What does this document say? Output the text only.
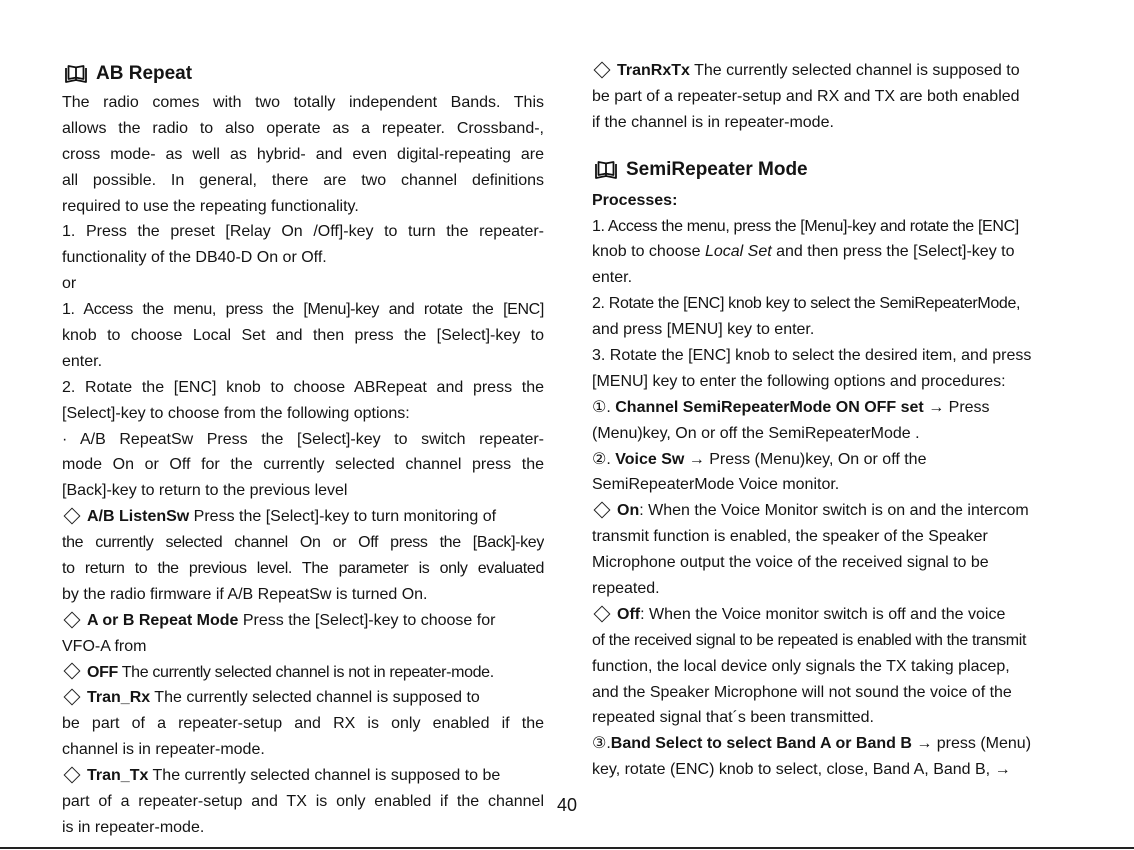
AB Repeat
The radio comes with two totally independent Bands. This
allows the radio to also operate as a repeater. Crossband-,
cross mode- as well as hybrid- and even digital-repeating are
all possible. In general, there are two channel definitions
required to use the repeating functionality.
1. Press the preset [Relay On /Off]-key to turn the repeater-
functionality of the DB40-D On or Off.
or
1. Access the menu, press the [Menu]-key and rotate the [ENC]
knob to choose Local Set and then press the [Select]-key to
enter.
2. Rotate the [ENC] knob to choose ABRepeat and press the
[Select]-key to choose from the following options:
· A/B RepeatSw Press the [Select]-key to switch repeater-
mode On or Off for the currently selected channel press the
[Back]-key to return to the previous level
A/B ListenSw Press the [Select]-key to turn monitoring of
the currently selected channel On or Off press the [Back]-key
to return to the previous level. The parameter is only evaluated
by the radio firmware if A/B RepeatSw is turned On.
A or B Repeat Mode Press the [Select]-key to choose for
VFO-A from
OFF The currently selected channel is not in repeater-mode.
Tran_Rx The currently selected channel is supposed to
be part of a repeater-setup and RX is only enabled if the
channel is in repeater-mode.
Tran_Tx The currently selected channel is supposed to be
part of a repeater-setup and TX is only enabled if the channel
is in repeater-mode.
TranRxTx The currently selected channel is supposed to
be part of a repeater-setup and RX and TX are both enabled
if the channel is in repeater-mode.
SemiRepeater Mode
Processes:
1. Access the menu, press the [Menu]-key and rotate the [ENC]
knob to choose Local Set and then press the [Select]-key to
enter.
2. Rotate the [ENC] knob key to select the SemiRepeaterMode,
and press [MENU] key to enter.
3. Rotate the [ENC] knob to select the desired item, and press
[MENU] key to enter the following options and procedures:
①. Channel SemiRepeaterMode ON OFF set → Press
(Menu)key, On or off the SemiRepeaterMode .
②. Voice Sw → Press (Menu)key, On or off the
SemiRepeaterMode Voice monitor.
On: When the Voice Monitor switch is on and the intercom
transmit function is enabled, the speaker of the Speaker
Microphone output the voice of the received signal to be
repeated.
Off: When the Voice monitor switch is off and the voice
of the received signal to be repeated is enabled with the transmit
function, the local device only signals the TX taking placep,
and the Speaker Microphone will not sound the voice of the
repeated signal that´s been transmitted.
③.Band Select to select Band A or Band B → press (Menu)
key, rotate (ENC) knob to select, close, Band A, Band B, →
40
